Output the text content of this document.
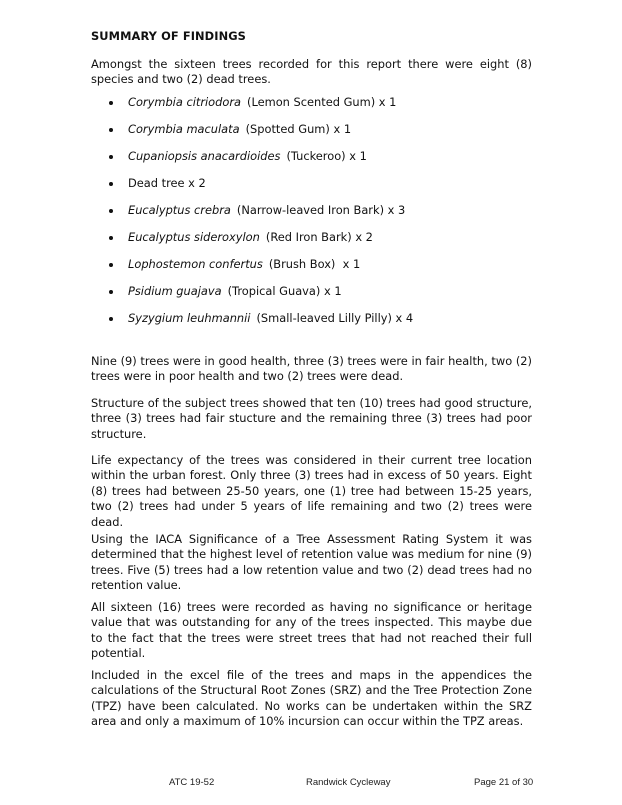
SUMMARY OF FINDINGS

Amongst the sixteen trees recorded for this report there were eight (8) species and two (2) dead trees.

Corymbia citriodora (Lemon Scented Gum) x 1
Corymbia maculata (Spotted Gum) x 1
Cupaniopsis anacardioides (Tuckeroo) x 1
Dead tree x 2
Eucalyptus crebra (Narrow-leaved Iron Bark) x 3
Eucalyptus sideroxylon (Red Iron Bark) x 2
Lophostemon confertus (Brush Box)  x 1
Psidium guajava (Tropical Guava) x 1
Syzygium leuhmannii (Small-leaved Lilly Pilly) x 4

Nine (9) trees were in good health, three (3) trees were in fair health, two (2) trees were in poor health and two (2) trees were dead.

Structure of the subject trees showed that ten (10) trees had good structure, three (3) trees had fair stucture and the remaining three (3) trees had poor structure.

Life expectancy of the trees was considered in their current tree location within the urban forest. Only three (3) trees had in excess of 50 years. Eight (8) trees had between 25-50 years, one (1) tree had between 15-25 years, two (2) trees had under 5 years of life remaining and two (2) trees were dead.

Using the IACA Significance of a Tree Assessment Rating System it was determined that the highest level of retention value was medium for nine (9) trees. Five (5) trees had a low retention value and two (2) dead trees had no retention value.

All sixteen (16) trees were recorded as having no significance or heritage value that was outstanding for any of the trees inspected. This maybe due to the fact that the trees were street trees that had not reached their full potential.

Included in the excel file of the trees and maps in the appendices the calculations of the Structural Root Zones (SRZ) and the Tree Protection Zone (TPZ) have been calculated. No works can be undertaken within the SRZ area and only a maximum of 10% incursion can occur within the TPZ areas.

ATC 19-52	Randwick Cycleway	Page 21 of 30
